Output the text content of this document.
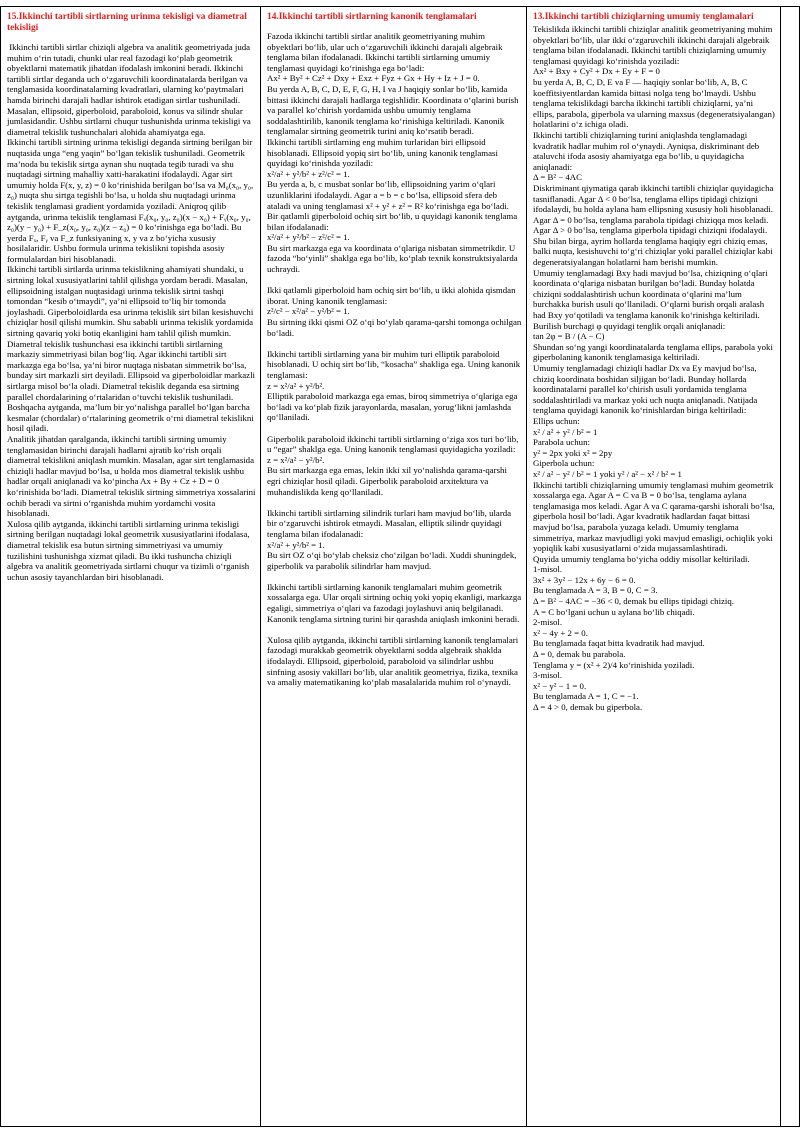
15.Ikkinchi tartibli sirtlarning urinma tekisligi va diametral tekisligi
Ikkinchi tartibli sirtlar chiziqli algebra va analitik geometriyada juda muhim o‘rin tutadi, chunki ular real fazodagi ko‘plab geometrik obyektlarni matematik jihatdan ifodalash imkonini beradi. Ikkinchi tartibli sirtlar deganda uch o‘zgaruvchili koordinatalarda berilgan va tenglamasida koordinatalarning kvadratlari, ularning ko‘paytmalari hamda birinchi darajali hadlar ishtirok etadigan sirtlar tushuniladi. Masalan, ellipsoid, giperboloid, paraboloid, konus va silindr shular jumlasidandir. Ushbu sirtlarni chuqur tushunishda urinma tekisligi va diametral tekislik tushunchalari alohida ahamiyatga ega.
Ikkinchi tartibli sirtning urinma tekisligi deganda sirtning berilgan bir nuqtasida unga “eng yaqin” bo‘lgan tekislik tushuniladi. Geometrik ma’noda bu tekislik sirtga aynan shu nuqtada tegib turadi va shu nuqtadagi sirtning mahalliy xatti-harakatini ifodalaydi. Agar sirt umumiy holda F(x, y, z) = 0 ko‘rinishida berilgan bo‘lsa va M₀(x₀, y₀, z₀) nuqta shu sirtga tegishli bo‘lsa, u holda shu nuqtadagi urinma tekislik tenglamasi gradient yordamida yoziladi. Aniqroq qilib aytganda, urinma tekislik tenglamasi Fₓ(x₀, y₀, z₀)(x − x₀) + Fᵧ(x₀, y₀, z₀)(y − y₀) + F_z(x₀, y₀, z₀)(z − z₀) = 0 ko‘rinishga ega bo‘ladi. Bu yerda Fₓ, Fᵧ va F_z funksiyaning x, y va z bo‘yicha xususiy hosilalaridir. Ushbu formula urinma tekislikni topishda asosiy formulalardan biri hisoblanadi.
Ikkinchi tartibli sirtlarda urinma tekislikning ahamiyati shundaki, u sirtning lokal xususiyatlarini tahlil qilishga yordam beradi. Masalan, ellipsoidning istalgan nuqtasidagi urinma tekislik sirtni tashqi tomondan “kesib o‘tmaydi”, ya’ni ellipsoid to‘liq bir tomonda joylashadi. Giperboloidlarda esa urinma tekislik sirt bilan kesishuvchi chiziqlar hosil qilishi mumkin. Shu sababli urinma tekislik yordamida sirtning qavariq yoki botiq ekanligini ham tahlil qilish mumkin.
Diametral tekislik tushunchasi esa ikkinchi tartibli sirtlarning markaziy simmetriyasi bilan bog‘liq. Agar ikkinchi tartibli sirt markazga ega bo‘lsa, ya’ni biror nuqtaga nisbatan simmetrik bo‘lsa, bunday sirt markazli sirt deyiladi. Ellipsoid va giperboloidlar markazli sirtlarga misol bo‘la oladi. Diametral tekislik deganda esa sirtning parallel chordalarining o‘rtalaridan o‘tuvchi tekislik tushuniladi. Boshqacha aytganda, ma’lum bir yo‘nalishga parallel bo‘lgan barcha kesmalar (chordalar) o‘rtalarining geometrik o‘rni diametral tekislikni hosil qiladi.
Analitik jihatdan qaralganda, ikkinchi tartibli sirtning umumiy tenglamasidan birinchi darajali hadlarni ajratib ko‘rish orqali diametral tekislikni aniqlash mumkin. Masalan, agar sirt tenglamasida chiziqli hadlar mavjud bo‘lsa, u holda mos diametral tekislik ushbu hadlar orqali aniqlanadi va ko‘pincha Ax + By + Cz + D = 0 ko‘rinishida bo‘ladi. Diametral tekislik sirtning simmetriya xossalarini ochib beradi va sirtni o‘rganishda muhim yordamchi vosita hisoblanadi.
Xulosa qilib aytganda, ikkinchi tartibli sirtlarning urinma tekisligi sirtning berilgan nuqtadagi lokal geometrik xususiyatlarini ifodalasa, diametral tekislik esa butun sirtning simmetriyasi va umumiy tuzilishini tushunishga xizmat qiladi. Bu ikki tushuncha chiziqli algebra va analitik geometriyada sirtlarni chuqur va tizimli o‘rganish uchun asosiy tayanchlardan biri hisoblanadi.
14.Ikkinchi tartibli sirtlarning kanonik tenglamalari
Fazoda ikkinchi tartibli sirtlar analitik geometriyaning muhim obyektlari bo‘lib, ular uch o‘zgaruvchili ikkinchi darajali algebraik tenglama bilan ifodalanadi. Ikkinchi tartibli sirtlarning umumiy tenglamasi quyidagi ko‘rinishga ega bo‘ladi:
Ax² + By² + Cz² + Dxy + Exz + Fyz + Gx + Hy + Iz + J = 0.
Bu yerda A, B, C, D, E, F, G, H, I va J haqiqiy sonlar bo‘lib, kamida bittasi ikkinchi darajali hadlarga tegishlidir. Koordinata o‘qlarini burish va parallel ko‘chirish yordamida ushbu umumiy tenglama soddalashtirilib, kanonik tenglama ko‘rinishiga keltiriladi. Kanonik tenglamalar sirtning geometrik turini aniq ko‘rsatib beradi.
Ikkinchi tartibli sirtlarning eng muhim turlaridan biri ellipsoid hisoblanadi. Ellipsoid yopiq sirt bo‘lib, uning kanonik tenglamasi quyidagi ko‘rinishda yoziladi:
x²/a² + y²/b² + z²/c² = 1.
Bu yerda a, b, c musbat sonlar bo‘lib, ellipsoidning yarim o‘qlari uzunliklarini ifodalaydi. Agar a = b = c bo‘lsa, ellipsoid sfera deb ataladi va uning tenglamasi x² + y² + z² = R² ko‘rinishga ega bo‘ladi.
Bir qatlamli giperboloid ochiq sirt bo‘lib, u quyidagi kanonik tenglama bilan ifodalanadi:
x²/a² + y²/b² − z²/c² = 1.
Bu sirt markazga ega va koordinata o‘qlariga nisbatan simmetrikdir. U fazoda “bo‘yinli” shaklga ega bo‘lib, ko‘plab texnik konstruktsiyalarda uchraydi.

Ikki qatlamli giperboloid ham ochiq sirt bo‘lib, u ikki alohida qismdan iborat. Uning kanonik tenglamasi:
z²/c² − x²/a² − y²/b² = 1.
Bu sirtning ikki qismi OZ o‘qi bo‘ylab qarama-qarshi tomonga ochilgan bo‘ladi.

Ikkinchi tartibli sirtlarning yana bir muhim turi elliptik paraboloid hisoblanadi. U ochiq sirt bo‘lib, “kosacha” shakliga ega. Uning kanonik tenglamasi:
z = x²/a² + y²/b².
Elliptik paraboloid markazga ega emas, biroq simmetriya o‘qlariga ega bo‘ladi va ko‘plab fizik jarayonlarda, masalan, yorug‘likni jamlashda qo‘llaniladi.

Giperbolik paraboloid ikkinchi tartibli sirtlarning o‘ziga xos turi bo‘lib, u “egar” shaklga ega. Uning kanonik tenglamasi quyidagicha yoziladi:
z = x²/a² − y²/b².
Bu sirt markazga ega emas, lekin ikki xil yo‘nalishda qarama-qarshi egri chiziqlar hosil qiladi. Giperbolik paraboloid arxitektura va muhandislikda keng qo‘llaniladi.

Ikkinchi tartibli sirtlarning silindrik turlari ham mavjud bo‘lib, ularda bir o‘zgaruvchi ishtirok etmaydi. Masalan, elliptik silindr quyidagi tenglama bilan ifodalanadi:
x²/a² + y²/b² = 1.
Bu sirt OZ o‘qi bo‘ylab cheksiz cho‘zilgan bo‘ladi. Xuddi shuningdek, giperbolik va parabolik silindrlar ham mavjud.

Ikkinchi tartibli sirtlarning kanonik tenglamalari muhim geometrik xossalarga ega. Ular orqali sirtning ochiq yoki yopiq ekanligi, markazga egaligi, simmetriya o‘qlari va fazodagi joylashuvi aniq belgilanadi. Kanonik tenglama sirtning turini bir qarashda aniqlash imkonini beradi.

Xulosa qilib aytganda, ikkinchi tartibli sirtlarning kanonik tenglamalari fazodagi murakkab geometrik obyektlarni sodda algebraik shaklda ifodalaydi. Ellipsoid, giperboloid, paraboloid va silindrlar ushbu sinfning asosiy vakillari bo‘lib, ular analitik geometriya, fizika, texnika va amaliy matematikaning ko‘plab masalalarida muhim rol o‘ynaydi.
13.Ikkinchi tartibli chiziqlarning umumiy tenglamalari
Tekislikda ikkinchi tartibli chiziqlar analitik geometriyaning muhim obyektlari bo‘lib, ular ikki o‘zgaruvchili ikkinchi darajali algebraik tenglama bilan ifodalanadi. Ikkinchi tartibli chiziqlarning umumiy tenglamasi quyidagi ko‘rinishda yoziladi:
Ax² + Bxy + Cy² + Dx + Ey + F = 0
bu yerda A, B, C, D, E va F — haqiqiy sonlar bo‘lib, A, B, C koeffitsiyentlardan kamida bittasi nolga teng bo‘lmaydi. Ushbu tenglama tekislikdagi barcha ikkinchi tartibli chiziqlarni, ya’ni ellips, parabola, giperbola va ularning maxsus (degeneratsiyalangan) holatlarini o‘z ichiga oladi.
Ikkinchi tartibli chiziqlarning turini aniqlashda tenglamadagi kvadratik hadlar muhim rol o‘ynaydi. Ayniqsa, diskriminant deb ataluvchi ifoda asosiy ahamiyatga ega bo‘lib, u quyidagicha aniqlanadi:
Δ = B² − 4AC
Diskriminant qiymatiga qarab ikkinchi tartibli chiziqlar quyidagicha tasniflanadi. Agar Δ < 0 bo‘lsa, tenglama ellips tipidagi chiziqni ifodalaydi, bu holda aylana ham ellipsning xususiy holi hisoblanadi. Agar Δ = 0 bo‘lsa, tenglama parabola tipidagi chiziqqa mos keladi. Agar Δ > 0 bo‘lsa, tenglama giperbola tipidagi chiziqni ifodalaydi. Shu bilan birga, ayrim hollarda tenglama haqiqiy egri chiziq emas, balki nuqta, kesishuvchi to‘g‘ri chiziqlar yoki parallel chiziqlar kabi degeneratsiyalangan holatlarni ham berishi mumkin.
Umumiy tenglamadagi Bxy hadi mavjud bo‘lsa, chiziqning o‘qlari koordinata o‘qlariga nisbatan burilgan bo‘ladi. Bunday holatda chiziqni soddalashtirish uchun koordinata o‘qlarini ma’lum burchakka burish usuli qo‘llaniladi. O‘qlarni burish orqali aralash had Bxy yo‘qotiladi va tenglama kanonik ko‘rinishga keltiriladi. Burilish burchagi φ quyidagi tenglik orqali aniqlanadi:
tan 2φ = B / (A − C)
Shundan so‘ng yangi koordinatalarda tenglama ellips, parabola yoki giperbolaning kanonik tenglamasiga keltiriladi.
Umumiy tenglamadagi chiziqli hadlar Dx va Ey mavjud bo‘lsa, chiziq koordinata boshidan siljigan bo‘ladi. Bunday hollarda koordinatalarni parallel ko‘chirish usuli yordamida tenglama soddalashtiriladi va markaz yoki uch nuqta aniqlanadi. Natijada tenglama quyidagi kanonik ko‘rinishlardan biriga keltiriladi:
Ellips uchun:
x² / a² + y² / b² = 1
Parabola uchun:
y² = 2px yoki x² = 2py
Giperbola uchun:
x² / a² − y² / b² = 1 yoki y² / a² − x² / b² = 1
Ikkinchi tartibli chiziqlarning umumiy tenglamasi muhim geometrik xossalarga ega. Agar A = C va B = 0 bo‘lsa, tenglama aylana tenglamasiga mos keladi. Agar A va C qarama-qarshi ishorali bo‘lsa, giperbola hosil bo‘ladi. Agar kvadratik hadlardan faqat bittasi mavjud bo‘lsa, parabola yuzaga keladi. Umumiy tenglama simmetriya, markaz mavjudligi yoki mavjud emasligi, ochiqlik yoki yopiqlik kabi xususiyatlarni o‘zida mujassamlashtiradi.
Quyida umumiy tenglama bo‘yicha oddiy misollar keltiriladi.
1-misol.
3x² + 3y² − 12x + 6y − 6 = 0.
Bu tenglamada A = 3, B = 0, C = 3.
Δ = B² − 4AC = −36 < 0, demak bu ellips tipidagi chiziq.
A = C bo‘lgani uchun u aylana bo‘lib chiqadi.
2-misol.
x² − 4y + 2 = 0.
Bu tenglamada faqat bitta kvadratik had mavjud.
Δ = 0, demak bu parabola.
Tenglama y = (x² + 2)/4 ko‘rinishida yoziladi.
3-misol.
x² − y² − 1 = 0.
Bu tenglamada A = 1, C = −1.
Δ = 4 > 0, demak bu giperbola.
